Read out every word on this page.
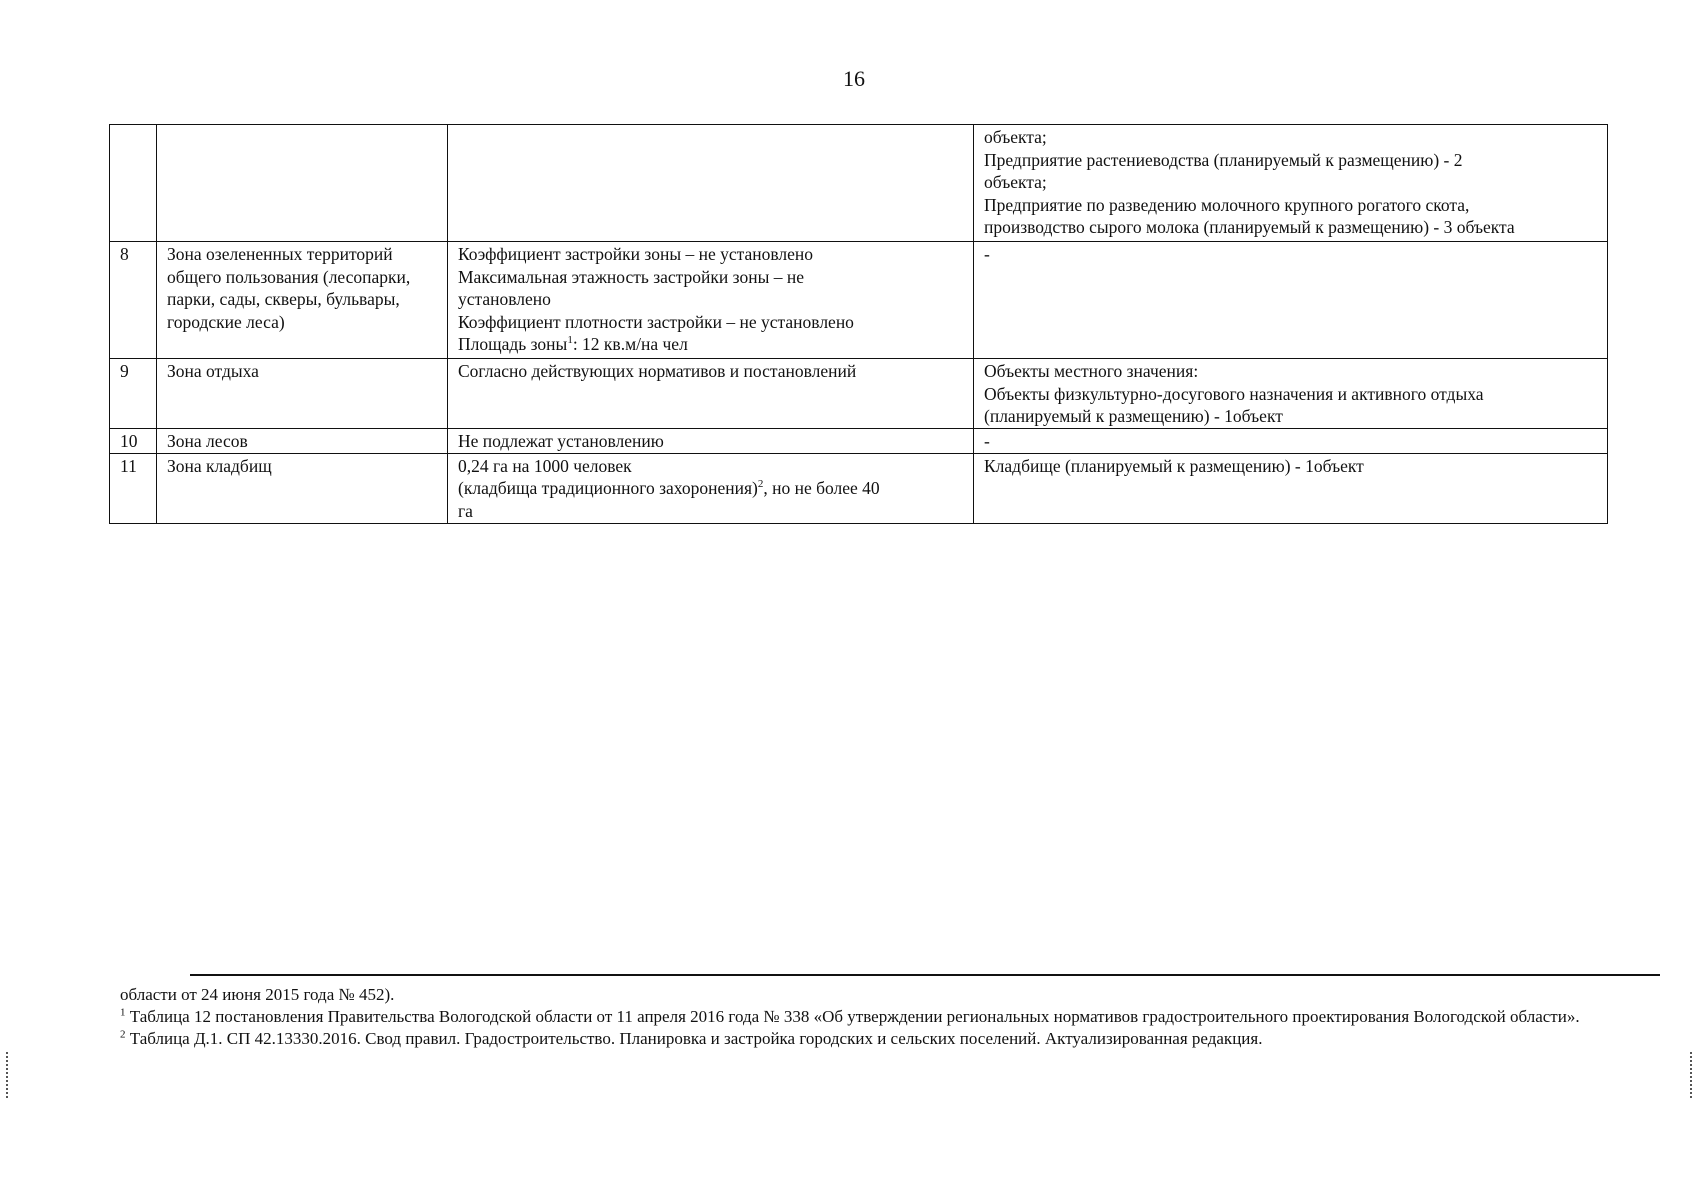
16

			объекта;
Предприятие растениеводства (планируемый к размещению) - 2
объекта;
Предприятие по разведению молочного крупного рогатого скота,
производство сырого молока (планируемый к размещению) - 3 объекта

8	Зона озелененных территорий
общего пользования (лесопарки,
парки, сады, скверы, бульвары,
городские леса)	Коэффициент застройки зоны – не установлено
Максимальная этажность застройки зоны – не
установлено
Коэффициент плотности застройки – не установлено
Площадь зоны$^1$: 12 кв.м/на чел	-

9	Зона отдыха	Согласно действующих нормативов и постановлений	Объекты местного значения:
Объекты физкультурно-досугового назначения и активного отдыха
(планируемый к размещению) - 1объект

10	Зона лесов	Не подлежат установлению	-

11	Зона кладбищ	0,24 га на 1000 человек
(кладбища традиционного захоронения)$^2$, но не более 40
га	Кладбище (планируемый к размещению) - 1объект

области от 24 июня 2015 года № 452).

$^1$ Таблица 12 постановления Правительства Вологодской области от 11 апреля 2016 года № 338 «Об утверждении региональных нормативов градостроительного проектирования Вологодской области».

$^2$ Таблица Д.1. СП 42.13330.2016. Свод правил. Градостроительство. Планировка и застройка городских и сельских поселений. Актуализированная редакция.
